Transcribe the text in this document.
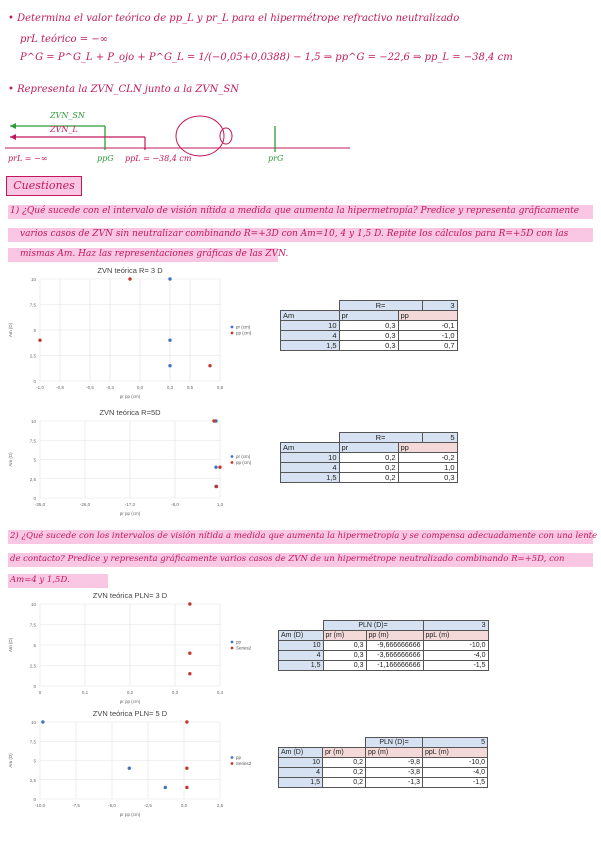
• Determina el valor teórico de pp_L y pr_L para el hipermétrope refractivo neutralizado
prL teórico = −∞
P^G = P^G_L + P_ojo + P^G_L = 1/(−0,05+0,0388) − 1,5 ⇒ pp^G = −22,6 ⇒ pp_L = −38,4 cm
• Representa la ZVN_CLN junto a la ZVN_SN
ZVN_SN
ZVN_L
prL = −∞	ppG ppL = −38,4 cm	prG
Cuestiones
1) ¿Qué sucede con el intervalo de visión nítida a medida que aumenta la hipermetropía? Predice y representa gráficamente
varios casos de ZVN sin neutralizar combinando R=+3D con Am=10, 4 y 1,5 D. Repite los cálculos para R=+5D con las
mismas Am. Haz las representaciones gráficas de las ZVN.
2) ¿Qué sucede con los intervalos de visión nítida a medida que aumenta la hipermetropía y se compensa adecuadamente con una lente
de contacto? Predice y representa gráficamente varios casos de ZVN de un hipermétrope neutralizado combinando R=+5D, con
Am=4 y 1,5D.
ZVN teórica R= 3 D
0
2,5
5
7,5
10
-1,0	-0,8	-0,5	-0,3	0,0	0,3	0,5	0,8
pr pp (cm)
Am (D)	pr (cm)
pp (cm)
ZVN teórica R=5D
0
2,5
5
7,5
10
-35,0	-26,0	-17,0	-8,0	1,0
pr pp (cm)
Am (D)	pr (cm)
pp (cm)
ZVN teórica PLN= 3 D
0
2,5
5
7,5
10
0	0,1	0,2	0,3	0,4
pr pp (cm)
Am (D)	pp
Series2
ZVN teórica PLN= 5 D
0
2,5
5
7,5
10
-10,0	-7,5	-5,0	-2,5	0,0	2,5
pr pp (cm)
Am (D)	pp
Series2
	R=		3
Am	pr	pp	
10	0,3	-0,1	
4	0,3	-1,0	
1,5	0,3	0,7	
	R=		5
Am	pr	pp	
10	0,2	-0,2	
4	0,2	1,0	
1,5	0,2	0,3	
	PLN (D)=		3
Am (D)	pr (m)	pp (m)	ppL (m)
10	0,3	-9,666666666	-10,0
4	0,3	-3,666666666	-4,0
1,5	0,3	-1,166666666	-1,5
		PLN (D)=	5
Am (D)	pr (m)	pp (m)	ppL (m)
10	0,2	-9,8	-10,0
4	0,2	-3,8	-4,0
1,5	0,2	-1,3	-1,5
